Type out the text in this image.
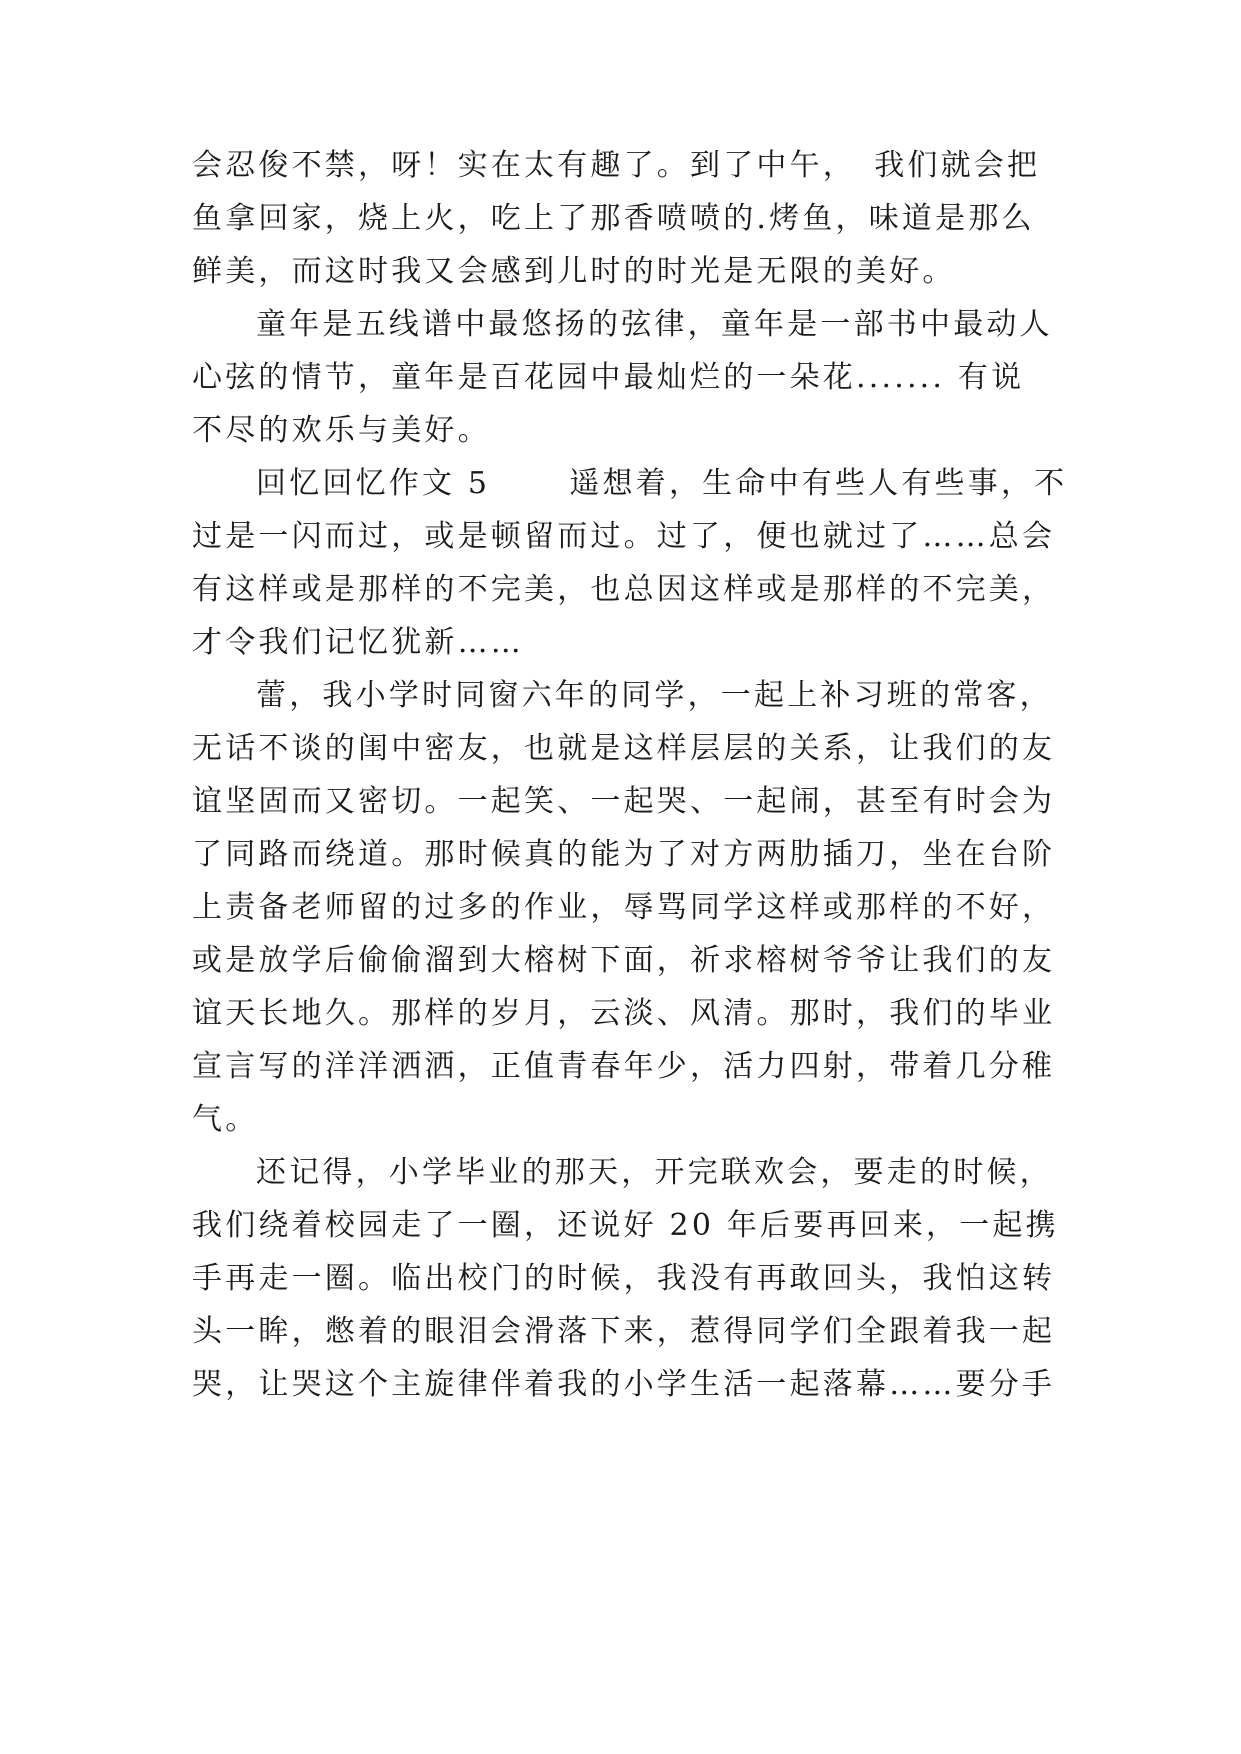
会忍俊不禁，呀！实在太有趣了。到了中午，　我们就会把
鱼拿回家，烧上火，吃上了那香喷喷的.烤鱼，味道是那么
鲜美，而这时我又会感到儿时的时光是无限的美好。
童年是五线谱中最悠扬的弦律，童年是一部书中最动人
心弦的情节，童年是百花园中最灿烂的一朵花....... 有说
不尽的欢乐与美好。
回忆回忆作文 5　　 遥想着，生命中有些人有些事，不
过是一闪而过，或是顿留而过。过了，便也就过了……总会
有这样或是那样的不完美，也总因这样或是那样的不完美，
才令我们记忆犹新……
蕾，我小学时同窗六年的同学，一起上补习班的常客，
无话不谈的闺中密友，也就是这样层层的关系，让我们的友
谊坚固而又密切。一起笑、一起哭、一起闹，甚至有时会为
了同路而绕道。那时候真的能为了对方两肋插刀，坐在台阶
上责备老师留的过多的作业，辱骂同学这样或那样的不好，
或是放学后偷偷溜到大榕树下面，祈求榕树爷爷让我们的友
谊天长地久。那样的岁月，云淡、风清。那时，我们的毕业
宣言写的洋洋洒洒，正值青春年少，活力四射，带着几分稚
气。
还记得，小学毕业的那天，开完联欢会，要走的时候，
我们绕着校园走了一圈，还说好 20 年后要再回来，一起携
手再走一圈。临出校门的时候，我没有再敢回头，我怕这转
头一眸，憋着的眼泪会滑落下来，惹得同学们全跟着我一起
哭，让哭这个主旋律伴着我的小学生活一起落幕……要分手
